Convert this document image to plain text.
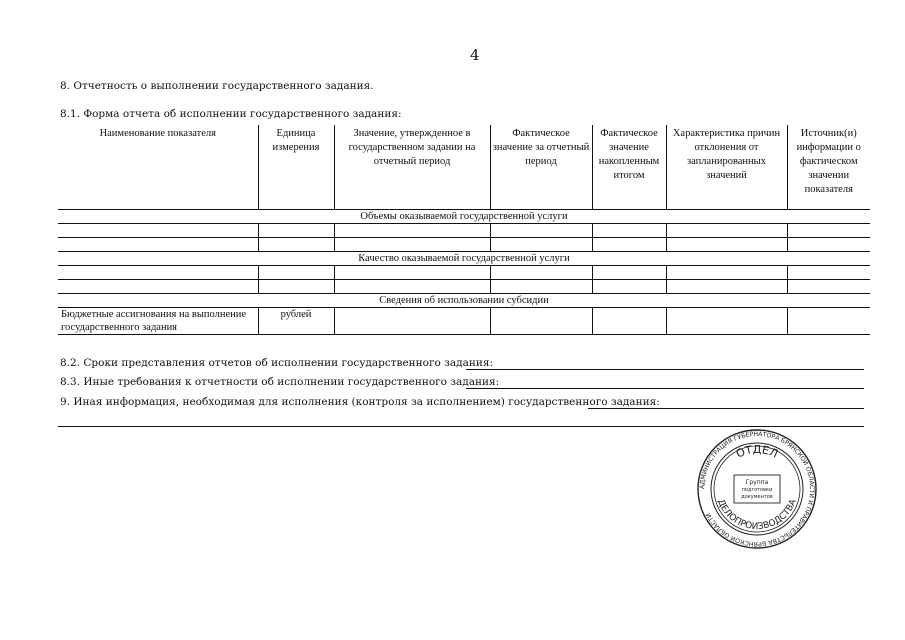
4
8. Отчетность о выполнении государственного задания.
8.1. Форма отчета об исполнении государственного задания:
Наименование показателя	Единица измерения	Значение, утвержденное в государственном задании на отчетный период	Фактическое значение за отчетный период	Фактическое значение накопленным итогом	Характеристика причин отклонения от запланированных значений	Источник(и) информации о фактическом значении показателя
Объемы оказываемой государственной услуги						

Качество оказываемой государственной услуги						

Сведения об использовании субсидии						
Бюджетные ассигнования на выполнение государственного задания	рублей					
8.2. Сроки представления отчетов об исполнении государственного задания:
8.3. Иные требования к отчетности об исполнении государственного задания:
9. Иная информация, необходимая для исполнения (контроля за исполнением) государственного задания:
АДМИНИСТРАЦИЯ ГУБЕРНАТОРА БРЯНСКОЙ ОБЛАСТИ И ПРАВИТЕЛЬСТВА БРЯНСКОЙ ОБЛАСТИ
ОТДЕЛ
ДЕЛОПРОИЗВОДСТВА
Группа
подготовки
документов
